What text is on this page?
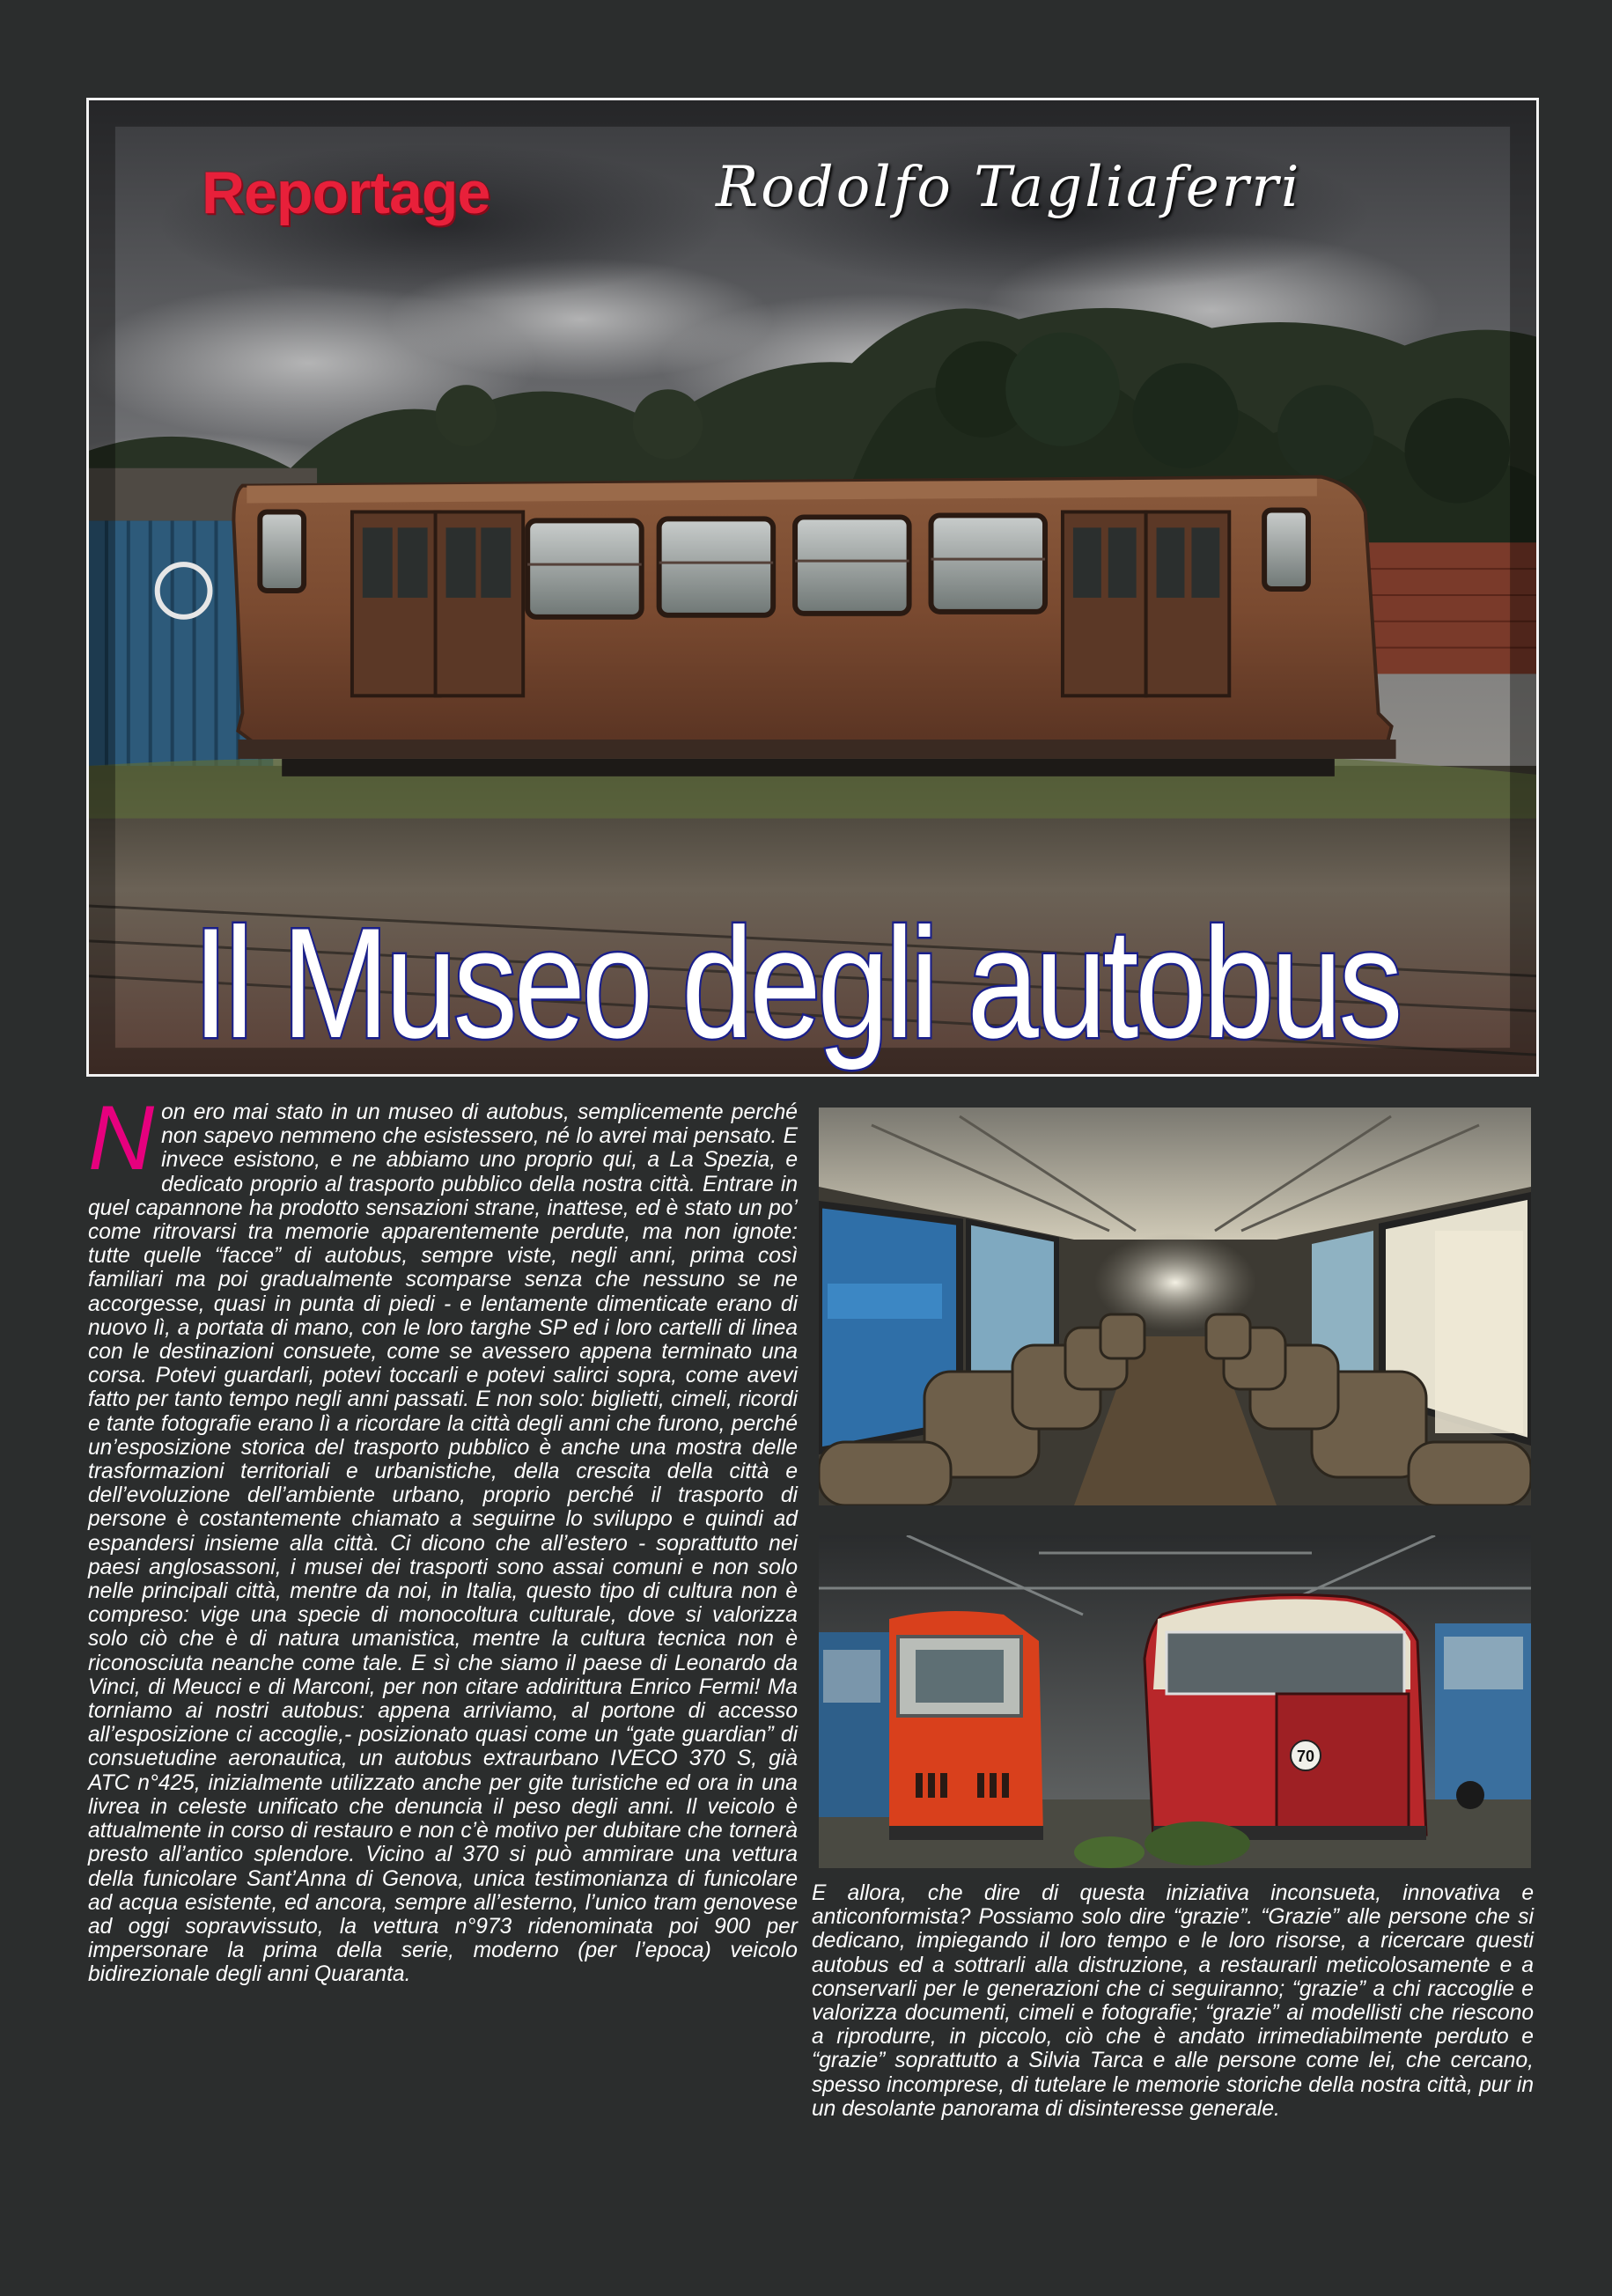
Reportage	Rodolfo Tagliaferri
Il Museo degli autobus

Non ero mai stato in un museo di autobus, semplicemente perché non sapevo nemmeno che esistessero, né lo avrei mai pensato. E invece esistono, e ne abbiamo uno proprio qui, a La Spezia, e dedicato proprio al trasporto pubblico della nostra città. Entrare in quel capannone ha prodotto sensazioni strane, inattese, ed è stato un po’ come ritrovarsi tra memorie apparentemente perdute, ma non ignote: tutte quelle “facce” di autobus, sempre viste, negli anni, prima così familiari ma poi gradualmente scomparse senza che nessuno se ne accorgesse, quasi in punta di piedi - e lentamente dimenticate erano di nuovo lì, a portata di mano, con le loro targhe SP ed i loro cartelli di linea con le destinazioni consuete, come se avessero appena terminato una corsa. Potevi guardarli, potevi toccarli e potevi salirci sopra, come avevi fatto per tanto tempo negli anni passati. E non solo: biglietti, cimeli, ricordi e tante fotografie erano lì a ricordare la città degli anni che furono, perché un’esposizione storica del trasporto pubblico è anche una mostra delle trasformazioni territoriali e urbanistiche, della crescita della città e dell’evoluzione dell’ambiente urbano, proprio perché il trasporto di persone è costantemente chiamato a seguirne lo sviluppo e quindi ad espandersi insieme alla città. Ci dicono che all’estero - soprattutto nei paesi anglosassoni, i musei dei trasporti sono assai comuni e non solo nelle principali città, mentre da noi, in Italia, questo tipo di cultura non è compreso: vige una specie di monocoltura culturale, dove si valorizza solo ciò che è di natura umanistica, mentre la cultura tecnica non è riconosciuta neanche come tale. E sì che siamo il paese di Leonardo da Vinci, di Meucci e di Marconi, per non citare addirittura Enrico Fermi! Ma torniamo ai nostri autobus: appena arriviamo, al portone di accesso all’esposizione ci accoglie,- posizionato quasi come un “gate guardian” di consuetudine aeronautica, un autobus extraurbano IVECO 370 S, già ATC n°425, inizialmente utilizzato anche per gite turistiche ed ora in una livrea in celeste unificato che denuncia il peso degli anni. Il veicolo è attualmente in corso di restauro e non c’è motivo per dubitare che tornerà presto all’antico splendore. Vicino al 370 si può ammirare una vettura della funicolare Sant’Anna di Genova, unica testimonianza di funicolare ad acqua esistente, ed ancora, sempre all’esterno, l’unico tram genovese ad oggi sopravvissuto, la vettura n°973 ridenominata poi 900 per impersonare la prima della serie, moderno (per l’epoca) veicolo bidirezionale degli anni Quaranta.

70

E allora, che dire di questa iniziativa inconsueta, innovativa e anticonformista? Possiamo solo dire “grazie”. “Grazie” alle persone che si dedicano, impiegando il loro tempo e le loro risorse, a ricercare questi autobus ed a sottrarli alla distruzione, a restaurarli meticolosamente e a conservarli per le generazioni che ci seguiranno; “grazie” a chi raccoglie e valorizza documenti, cimeli e fotografie; “grazie” ai modellisti che riescono a riprodurre, in piccolo, ciò che è andato irrimediabilmente perduto e “grazie” soprattutto a Silvia Tarca e alle persone come lei, che cercano, spesso incomprese, di tutelare le memorie storiche della nostra città, pur in un desolante panorama di disinteresse generale.
